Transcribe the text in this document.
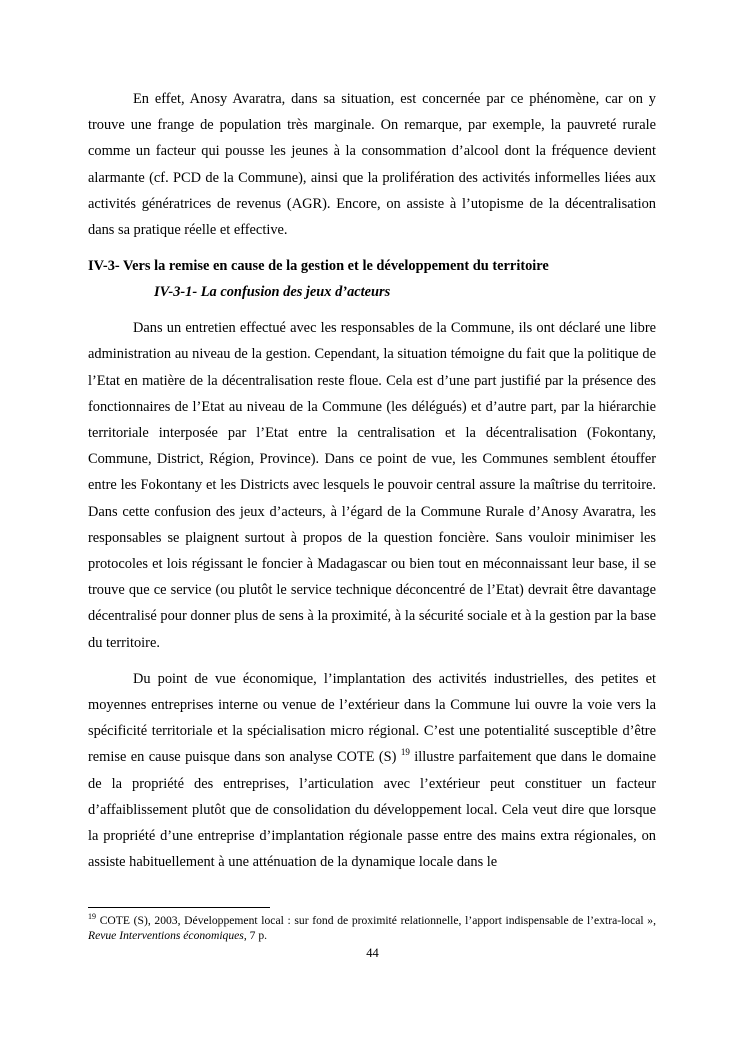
En effet, Anosy Avaratra, dans sa situation, est concernée par ce phénomène, car on y trouve une frange de population très marginale. On remarque, par exemple, la pauvreté rurale comme un facteur qui pousse les jeunes à la consommation d’alcool dont la fréquence devient alarmante (cf. PCD de la Commune), ainsi que la prolifération des activités informelles liées aux activités génératrices de revenus (AGR). Encore, on assiste à l’utopisme de la décentralisation dans sa pratique réelle et effective.

IV-3- Vers la remise en cause de la gestion et le développement du territoire
IV-3-1- La confusion des jeux d’acteurs

Dans un entretien effectué avec les responsables de la Commune, ils ont déclaré une libre administration au niveau de la gestion. Cependant, la situation témoigne du fait que la politique de l’Etat en matière de la décentralisation reste floue. Cela est d’une part justifié par la présence des fonctionnaires de l’Etat au niveau de la Commune (les délégués) et d’autre part, par la hiérarchie territoriale interposée par l’Etat entre la centralisation et la décentralisation (Fokontany, Commune, District, Région, Province). Dans ce point de vue, les Communes semblent étouffer entre les Fokontany et les Districts avec lesquels le pouvoir central assure la maîtrise du territoire. Dans cette confusion des jeux d’acteurs, à l’égard de la Commune Rurale d’Anosy Avaratra, les responsables se plaignent surtout à propos de la question foncière. Sans vouloir minimiser les protocoles et lois régissant le foncier à Madagascar ou bien tout en méconnaissant leur base, il se trouve que ce service (ou plutôt le service technique déconcentré de l’Etat) devrait être davantage décentralisé pour donner plus de sens à la proximité, à la sécurité sociale et à la gestion par la base du territoire.

Du point de vue économique, l’implantation des activités industrielles, des petites et moyennes entreprises interne ou venue de l’extérieur dans la Commune lui ouvre la voie vers la spécificité territoriale et la spécialisation micro régional. C’est une potentialité susceptible d’être remise en cause puisque dans son analyse COTE (S) $^{19}$ illustre parfaitement que dans le domaine de la propriété des entreprises, l’articulation avec l’extérieur peut constituer un facteur d’affaiblissement plutôt que de consolidation du développement local. Cela veut dire que lorsque la propriété d’une entreprise d’implantation régionale passe entre des mains extra régionales, on assiste habituellement à une atténuation de la dynamique locale dans le

$^{19}$ COTE (S), 2003, Développement local : sur fond de proximité relationnelle, l’apport indispensable de l’extra-local », Revue Interventions économiques, 7 p.
44
